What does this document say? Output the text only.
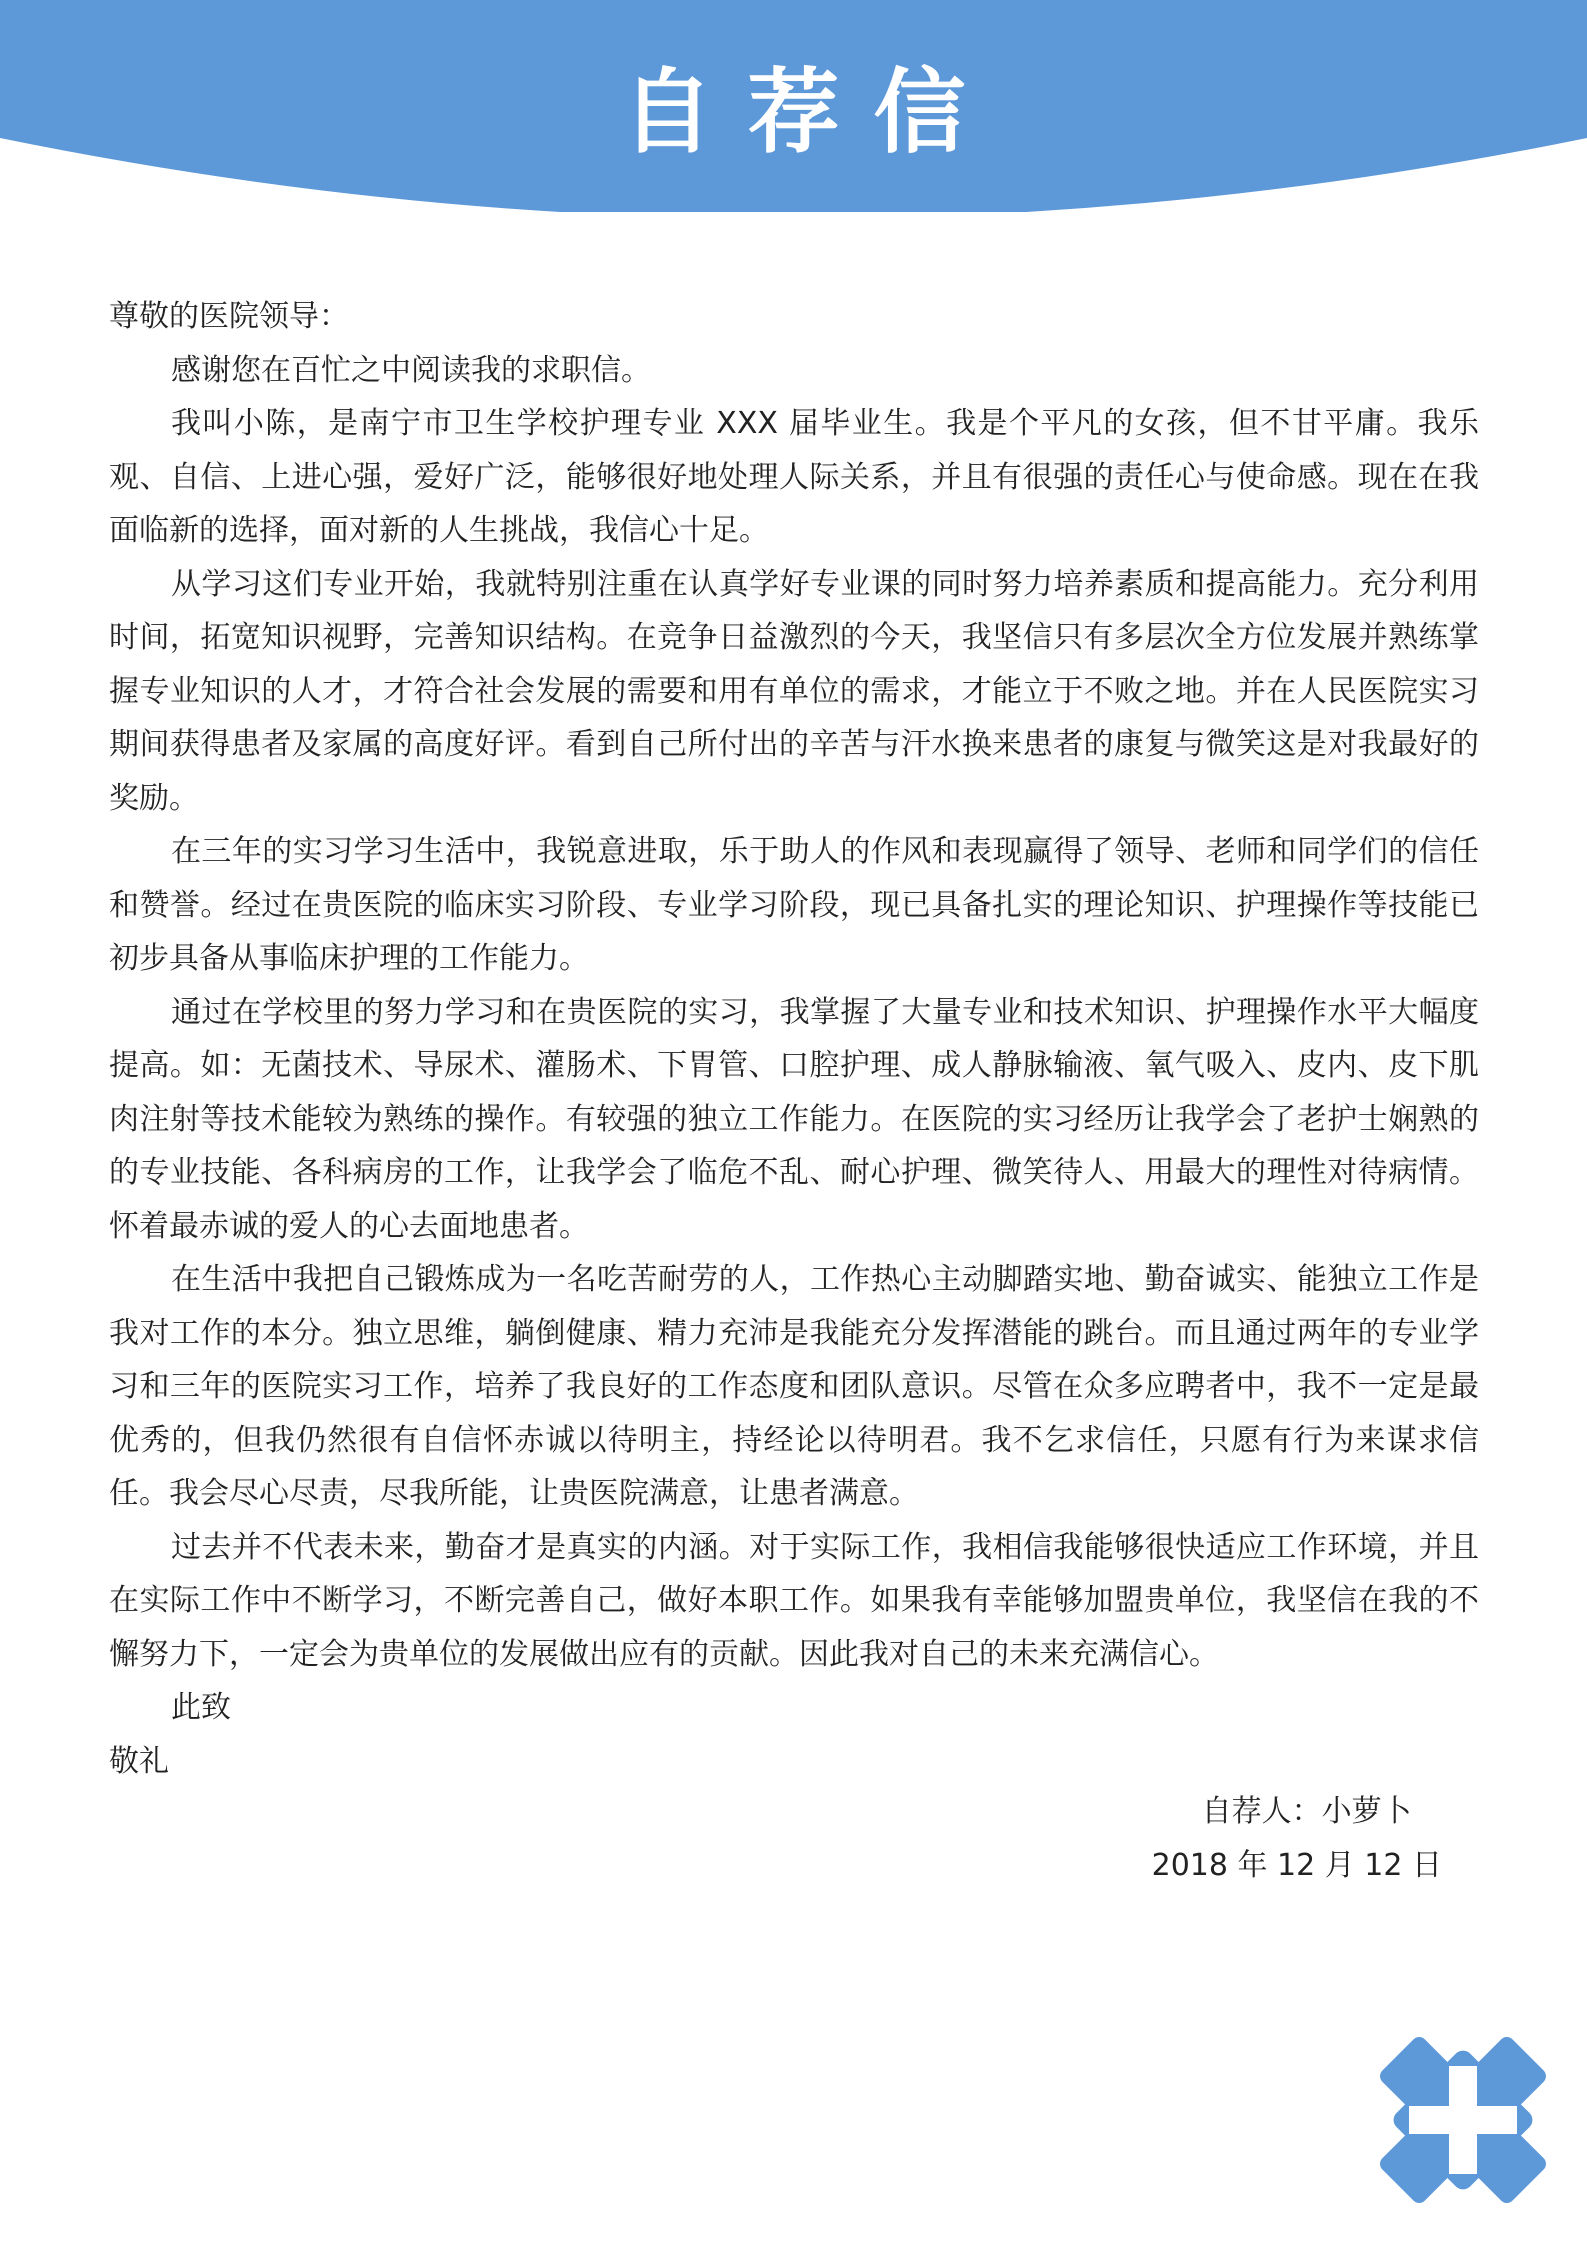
自荐信

尊敬的医院领导：

感谢您在百忙之中阅读我的求职信。

我叫小陈，是南宁市卫生学校护理专业 XXX 届毕业生。我是个平凡的女孩，但不甘平庸。我乐观、自信、上进心强，爱好广泛，能够很好地处理人际关系，并且有很强的责任心与使命感。现在在我面临新的选择，面对新的人生挑战，我信心十足。

从学习这们专业开始，我就特别注重在认真学好专业课的同时努力培养素质和提高能力。充分利用时间，拓宽知识视野，完善知识结构。在竞争日益激烈的今天，我坚信只有多层次全方位发展并熟练掌握专业知识的人才，才符合社会发展的需要和用有单位的需求，才能立于不败之地。并在人民医院实习期间获得患者及家属的高度好评。看到自己所付出的辛苦与汗水换来患者的康复与微笑这是对我最好的奖励。

在三年的实习学习生活中，我锐意进取，乐于助人的作风和表现赢得了领导、老师和同学们的信任和赞誉。经过在贵医院的临床实习阶段、专业学习阶段，现已具备扎实的理论知识、护理操作等技能已初步具备从事临床护理的工作能力。

通过在学校里的努力学习和在贵医院的实习，我掌握了大量专业和技术知识、护理操作水平大幅度提高。如：无菌技术、导尿术、灌肠术、下胃管、口腔护理、成人静脉输液、氧气吸入、皮内、皮下肌肉注射等技术能较为熟练的操作。有较强的独立工作能力。在医院的实习经历让我学会了老护士娴熟的的专业技能、各科病房的工作，让我学会了临危不乱、耐心护理、微笑待人、用最大的理性对待病情。怀着最赤诚的爱人的心去面地患者。

在生活中我把自己锻炼成为一名吃苦耐劳的人，工作热心主动脚踏实地、勤奋诚实、能独立工作是我对工作的本分。独立思维，躺倒健康、精力充沛是我能充分发挥潜能的跳台。而且通过两年的专业学习和三年的医院实习工作，培养了我良好的工作态度和团队意识。尽管在众多应聘者中，我不一定是最优秀的，但我仍然很有自信怀赤诚以待明主，持经论以待明君。我不乞求信任，只愿有行为来谋求信任。我会尽心尽责，尽我所能，让贵医院满意，让患者满意。

过去并不代表未来，勤奋才是真实的内涵。对于实际工作，我相信我能够很快适应工作环境，并且在实际工作中不断学习，不断完善自己，做好本职工作。如果我有幸能够加盟贵单位，我坚信在我的不懈努力下，一定会为贵单位的发展做出应有的贡献。因此我对自己的未来充满信心。

此致

敬礼

自荐人：小萝卜
2018 年 12 月 12 日
